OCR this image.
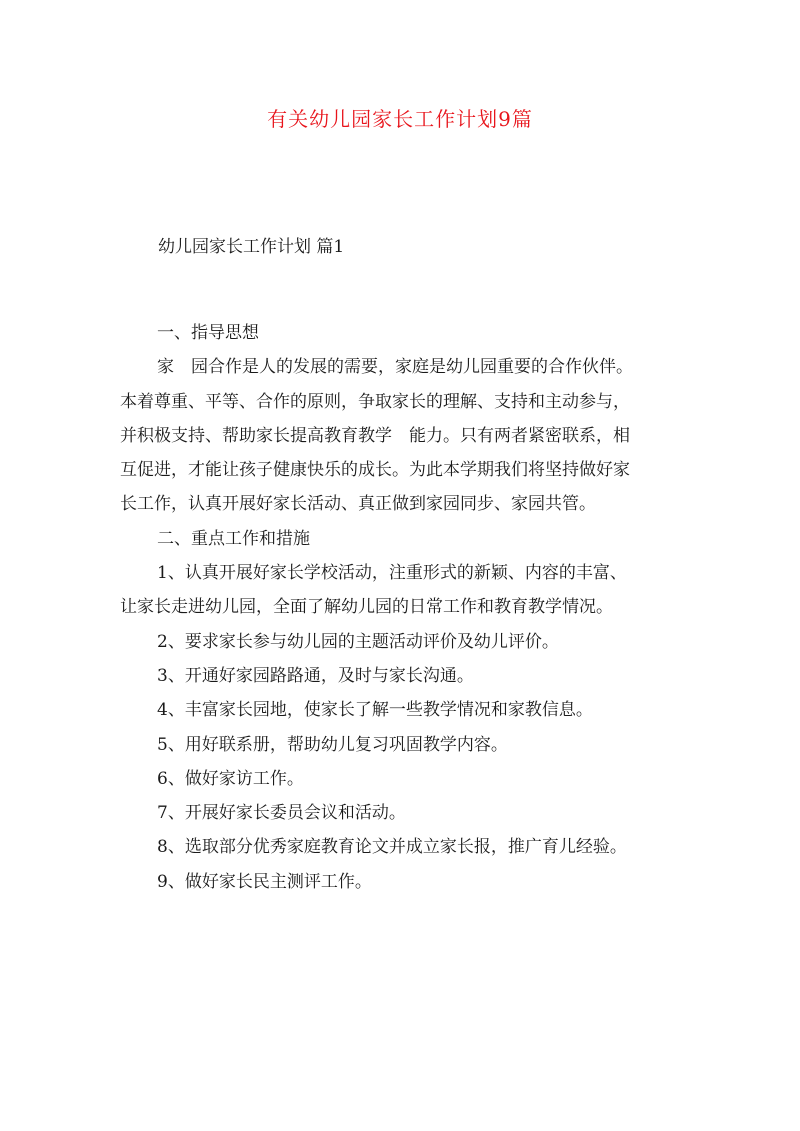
有关幼儿园家长工作计划9篇
幼儿园家长工作计划 篇1

一、指导思想

家　园合作是人的发展的需要，家庭是幼儿园重要的合作伙伴。

本着尊重、平等、合作的原则，争取家长的理解、支持和主动参与，

并积极支持、帮助家长提高教育教学　能力。只有两者紧密联系，相

互促进，才能让孩子健康快乐的成长。为此本学期我们将坚持做好家

长工作，认真开展好家长活动、真正做到家园同步、家园共管。

二、重点工作和措施

1、认真开展好家长学校活动，注重形式的新颖、内容的丰富、

让家长走进幼儿园，全面了解幼儿园的日常工作和教育教学情况。

2、要求家长参与幼儿园的主题活动评价及幼儿评价。

3、开通好家园路路通，及时与家长沟通。

4、丰富家长园地，使家长了解一些教学情况和家教信息。

5、用好联系册，帮助幼儿复习巩固教学内容。

6、做好家访工作。

7、开展好家长委员会议和活动。

8、选取部分优秀家庭教育论文并成立家长报，推广育儿经验。

9、做好家长民主测评工作。
